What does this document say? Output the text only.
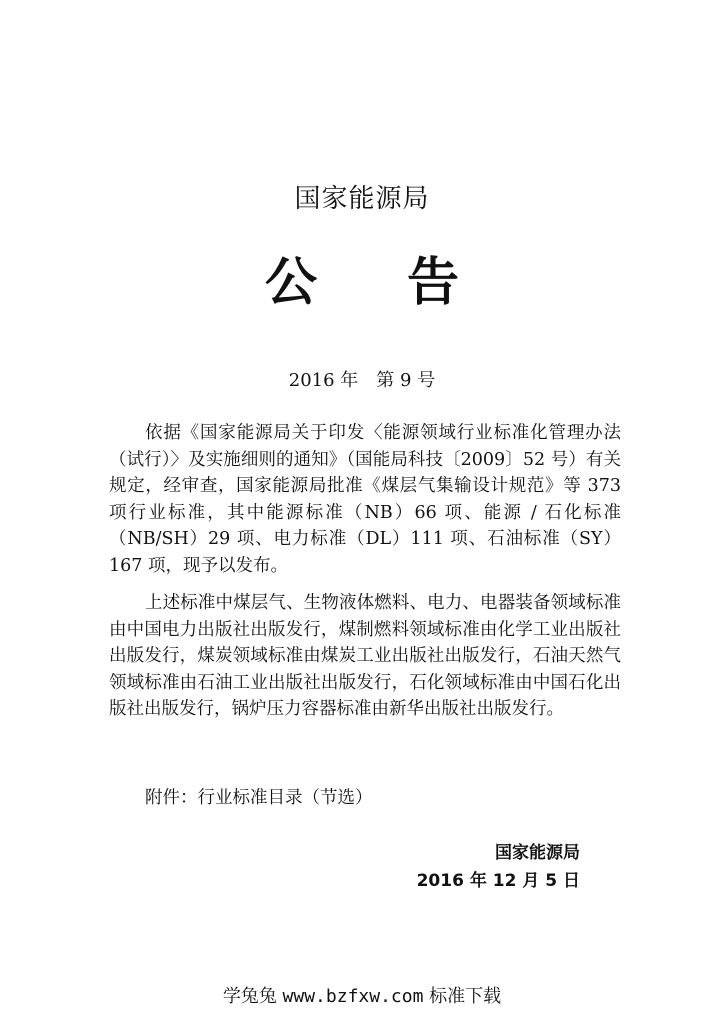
国家能源局
公告
2016 年　第 9 号
依据《国家能源局关于印发〈能源领域行业标准化管理办法（试行）〉及实施细则的通知》（国能局科技〔2009〕52 号）有关规定，经审查，国家能源局批准《煤层气集输设计规范》等 373 项行业标准，其中能源标准（NB）66 项、能源 / 石化标准（NB/SH）29 项、电力标准（DL）111 项、石油标准（SY）167 项，现予以发布。
上述标准中煤层气、生物液体燃料、电力、电器装备领域标准由中国电力出版社出版发行，煤制燃料领域标准由化学工业出版社出版发行，煤炭领域标准由煤炭工业出版社出版发行，石油天然气领域标准由石油工业出版社出版发行，石化领域标准由中国石化出版社出版发行，锅炉压力容器标准由新华出版社出版发行。
附件：行业标准目录（节选）
国家能源局
2016 年 12 月 5 日
学兔兔 www.bzfxw.com 标准下载
